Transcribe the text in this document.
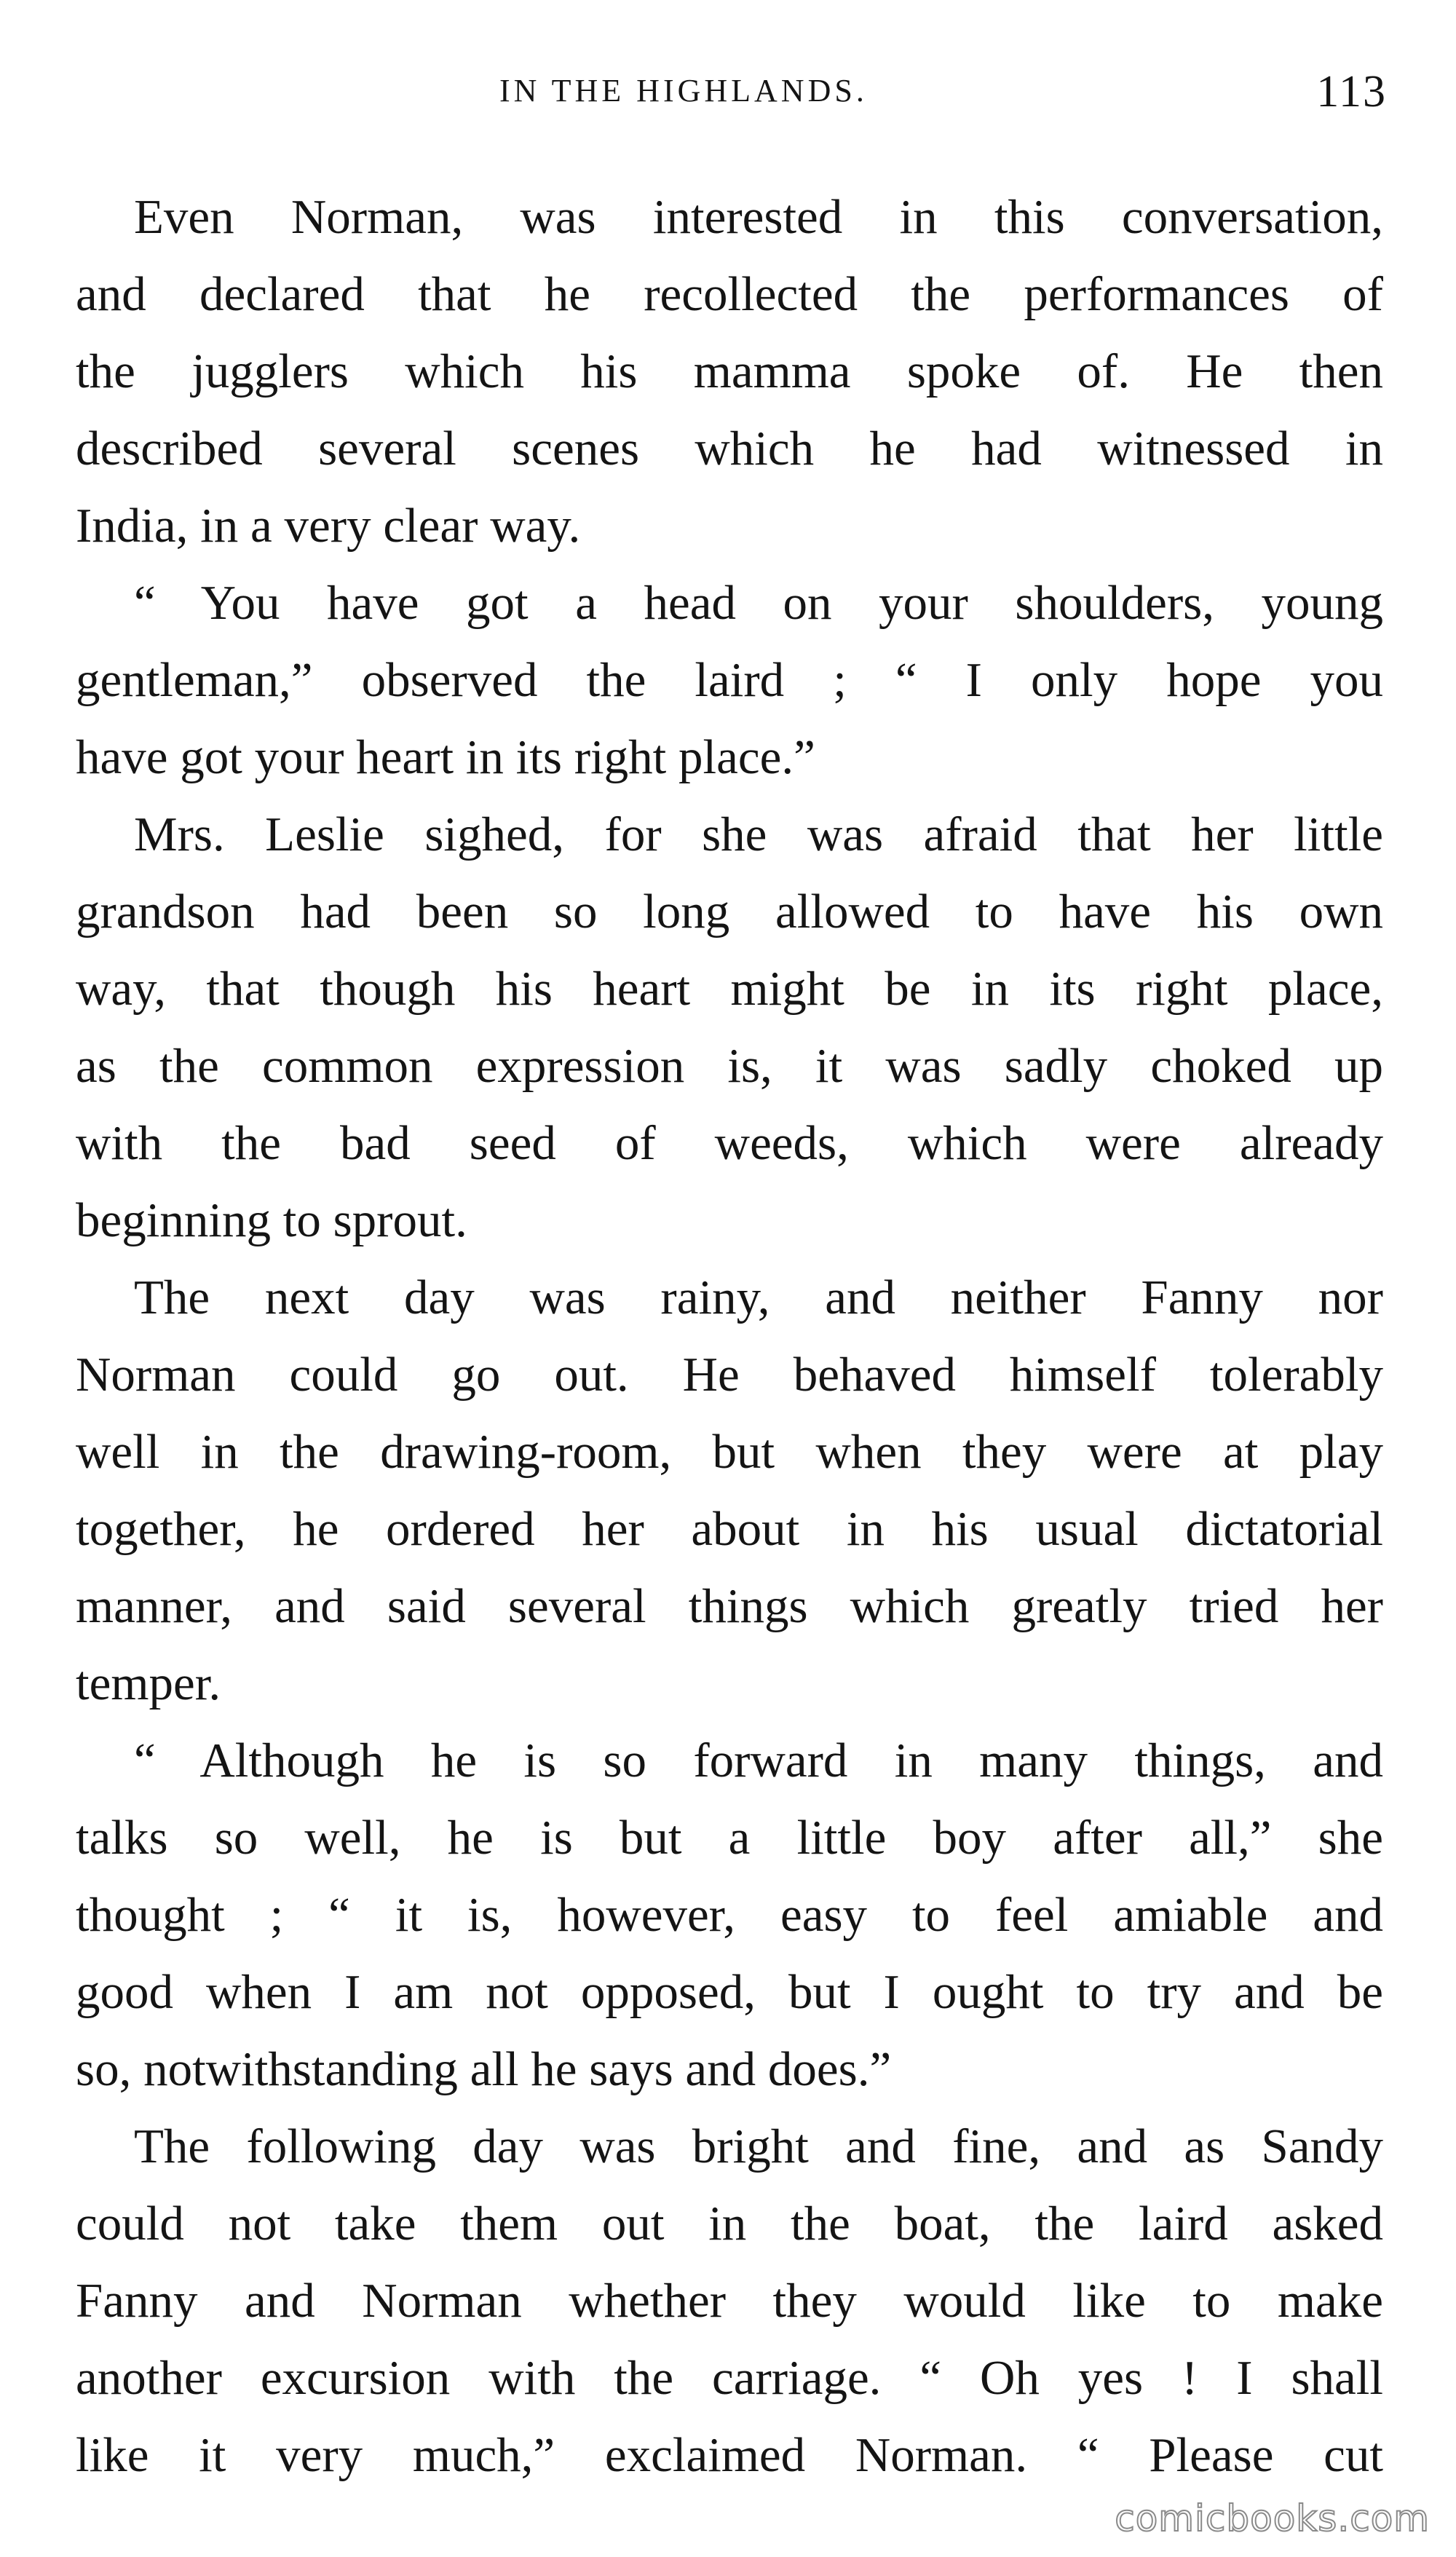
IN THE HIGHLANDS.	113
Even Norman, was interested in this conversation,
and declared that he recollected the performances of
the jugglers which his mamma spoke of. He then
described several scenes which he had witnessed in
India, in a very clear way.
“ You have got a head on your shoulders, young
gentleman,” observed the laird ; “ I only hope you
have got your heart in its right place.”
Mrs. Leslie sighed, for she was afraid that her little
grandson had been so long allowed to have his own
way, that though his heart might be in its right place,
as the common expression is, it was sadly choked up
with the bad seed of weeds, which were already
beginning to sprout.
The next day was rainy, and neither Fanny nor
Norman could go out. He behaved himself tolerably
well in the drawing-room, but when they were at play
together, he ordered her about in his usual dictatorial
manner, and said several things which greatly tried her
temper.
“ Although he is so forward in many things, and
talks so well, he is but a little boy after all,” she
thought ; “ it is, however, easy to feel amiable and
good when I am not opposed, but I ought to try and be
so, notwithstanding all he says and does.”
The following day was bright and fine, and as Sandy
could not take them out in the boat, the laird asked
Fanny and Norman whether they would like to make
another excursion with the carriage. “ Oh yes ! I shall
like it very much,” exclaimed Norman. “ Please cut
comicbooks.com
